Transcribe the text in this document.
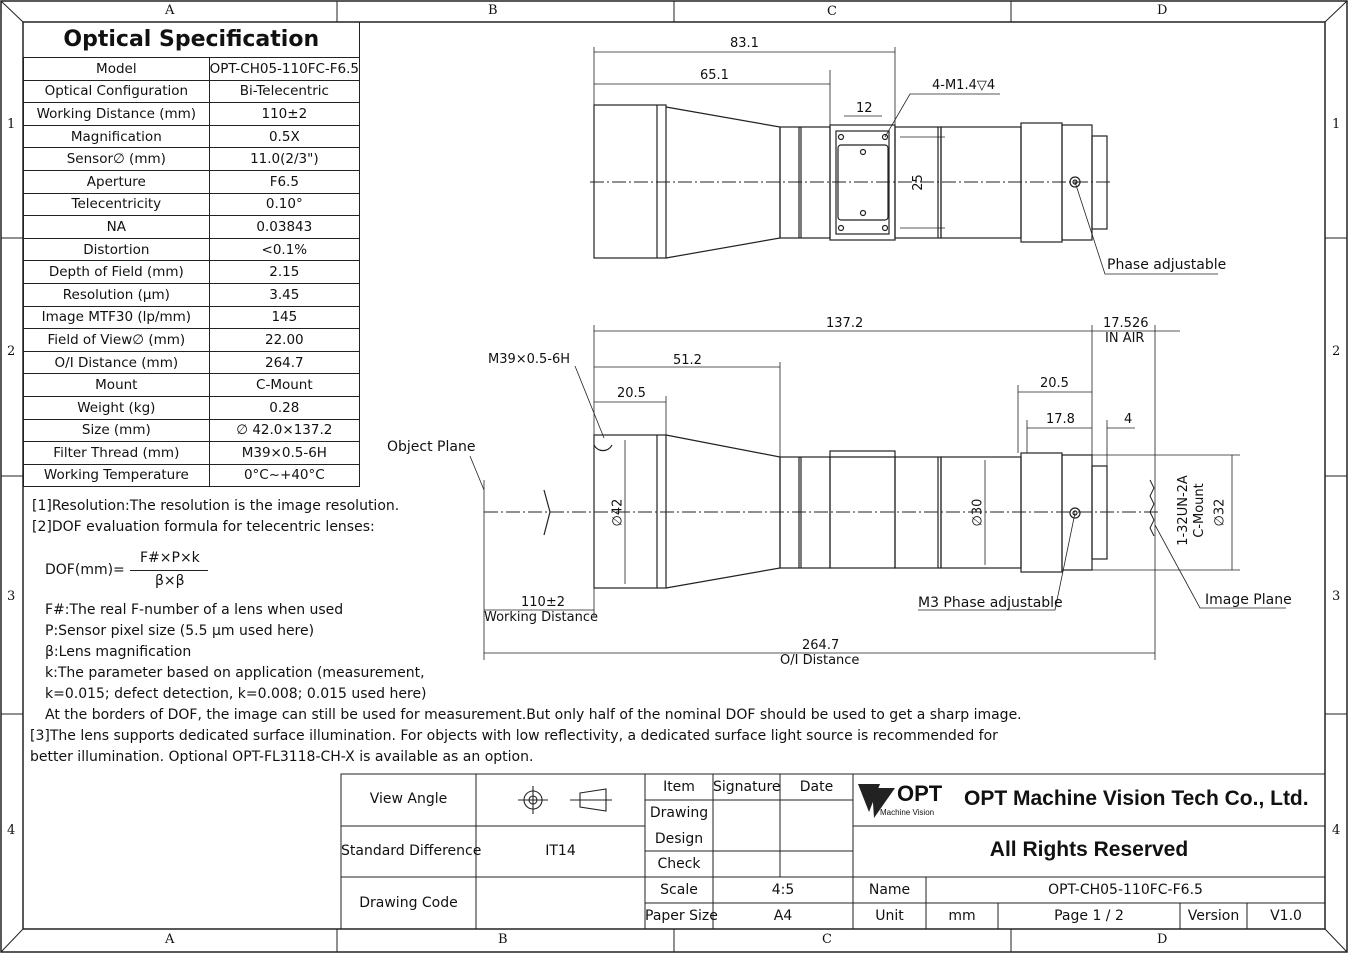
A	B	C	D
A	B	C	D
1
2
3
4
1
2
3
4
Optical Specification	
Model	OPT-CH05-110FC-F6.5
Optical Configuration	Bi-Telecentric
Working Distance (mm)	110±2
Magnification	0.5X
Sensor∅ (mm)	11.0(2/3")
Aperture	F6.5
Telecentricity	0.10°
NA	0.03843
Distortion	<0.1%
Depth of Field (mm)	2.15
Resolution (μm)	3.45
Image MTF30 (lp/mm)	145
Field of View∅ (mm)	22.00
O/I Distance (mm)	264.7
Mount	C-Mount
Weight (kg)	0.28
Size (mm)	∅ 42.0×137.2
Filter Thread (mm)	M39×0.5-6H
Working Temperature	0°C~+40°C
[1]Resolution:The resolution is the image resolution.
[2]DOF evaluation formula for telecentric lenses:
DOF(mm)=
F#×P×k
β×β
F#:The real F-number of a lens when used
P:Sensor pixel size (5.5 μm used here)
β:Lens magnification
k:The parameter based on application (measurement,
k=0.015; defect detection, k=0.008; 0.015 used here)
At the borders of DOF, the image can still be used for measurement.But only half of the nominal DOF should be used to get a sharp image.
[3]The lens supports dedicated surface illumination. For objects with low reflectivity, a dedicated surface light source is recommended for
better illumination. Optional OPT-FL3118-CH-X is available as an option.
83.1
65.1
12
25
4-M1.4▽4
Phase adjustable
137.2	17.526
IN AIR
51.2
M39×0.5-6H
20.5
20.5
17.8	4
Object Plane
∅42	∅30	∅32
1-32UN-2A C-Mount
110±2
Working Distance
M3 Phase adjustable	Image Plane
264.7
O/I Distance
View Angle
Standard Difference	IT14
Drawing Code
Item	Signature	Date
Drawing
Design
Check
Scale	4:5
Paper Size	A4
OPT
Machine Vision
OPT Machine Vision Tech Co., Ltd.
All Rights Reserved
Name	OPT-CH05-110FC-F6.5
Unit	mm	Page 1 / 2	Version	V1.0
